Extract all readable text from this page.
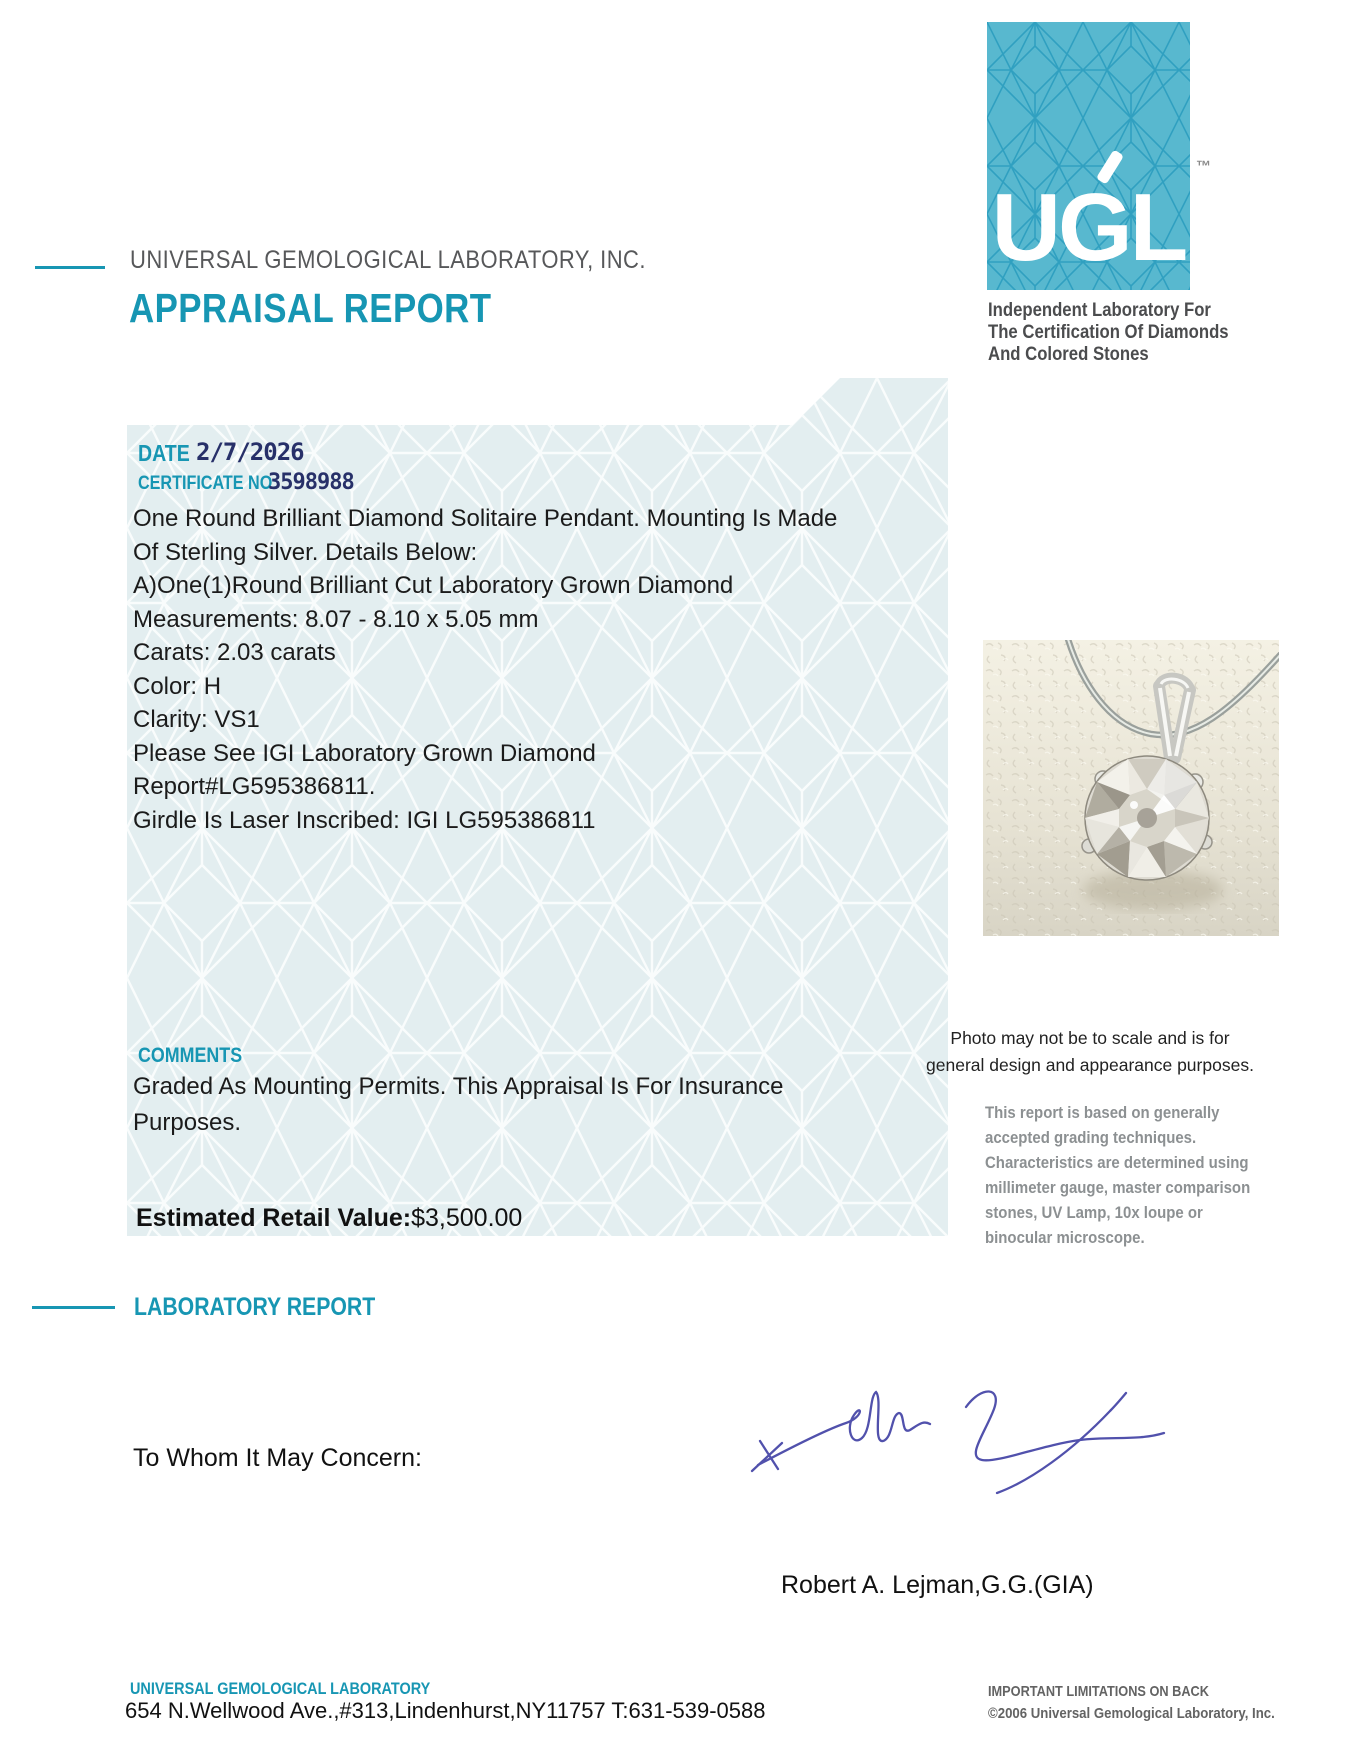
UNIVERSAL GEMOLOGICAL LABORATORY, INC.
APPRAISAL REPORT
UGL
™
Independent Laboratory For
The Certification Of Diamonds
And Colored Stones
DATE 2/7/2026
CERTIFICATE NO:
3598988
One Round Brilliant Diamond Solitaire Pendant. Mounting Is Made
Of Sterling Silver. Details Below:
A)One(1)Round Brilliant Cut Laboratory Grown Diamond
Measurements: 8.07 - 8.10 x 5.05 mm
Carats: 2.03 carats
Color: H
Clarity: VS1
Please See IGI Laboratory Grown Diamond
Report#LG595386811.
Girdle Is Laser Inscribed: IGI LG595386811
COMMENTS
Graded As Mounting Permits. This Appraisal Is For Insurance
Purposes.
Estimated Retail Value:$3,500.00
Photo may not be to scale and is for
general design and appearance purposes.
This report is based on generally
accepted grading techniques.
Characteristics are determined using
millimeter gauge, master comparison
stones, UV Lamp, 10x loupe or
binocular microscope.
LABORATORY REPORT
To Whom It May Concern:
Robert A. Lejman,G.G.(GIA)
UNIVERSAL GEMOLOGICAL LABORATORY
654 N.Wellwood Ave.,#313,Lindenhurst,NY11757 T:631-539-0588
IMPORTANT LIMITATIONS ON BACK
©2006 Universal Gemological Laboratory, Inc.
